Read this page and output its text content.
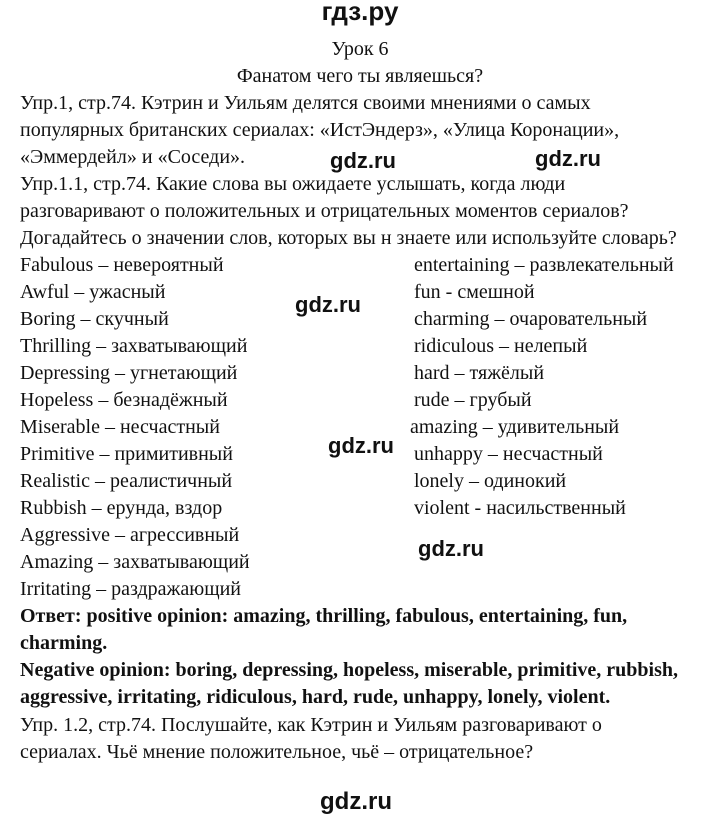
гдз.ру
Урок 6
Фанатом чего ты являешься?
Упр.1, стр.74. Кэтрин и Уильям делятся своими мнениями о самых
популярных британских сериалах: «ИстЭндерз», «Улица Коронации»,
«Эммердейл» и «Соседи».
Упр.1.1, стр.74. Какие слова вы ожидаете услышать, когда люди
разговаривают о положительных и отрицательных моментов сериалов?
Догадайтесь о значении слов, которых вы н знаете или используйте словарь?
Fabulous – невероятный
Awful – ужасный
Boring – скучный
Thrilling – захватывающий
Depressing – угнетающий
Hopeless – безнадёжный
Miserable – несчастный
Primitive – примитивный
Realistic – реалистичный
Rubbish – ерунда, вздор
Aggressive – агрессивный
Amazing – захватывающий
Irritating – раздражающий
entertaining – развлекательный
fun - смешной
charming – очаровательный
ridiculous – нелепый
hard – тяжёлый
rude – грубый
amazing – удивительный
unhappy – несчастный
lonely – одинокий
violent - насильственный
Ответ: positive opinion: amazing, thrilling, fabulous, entertaining, fun,
charming.
Negative opinion: boring, depressing, hopeless, miserable, primitive, rubbish,
aggressive, irritating, ridiculous, hard, rude, unhappy, lonely, violent.
Упр. 1.2, стр.74. Послушайте, как Кэтрин и Уильям разговаривают о
сериалах. Чьё мнение положительное, чьё – отрицательное?
gdz.ru	gdz.ru
gdz.ru
gdz.ru
gdz.ru
gdz.ru
